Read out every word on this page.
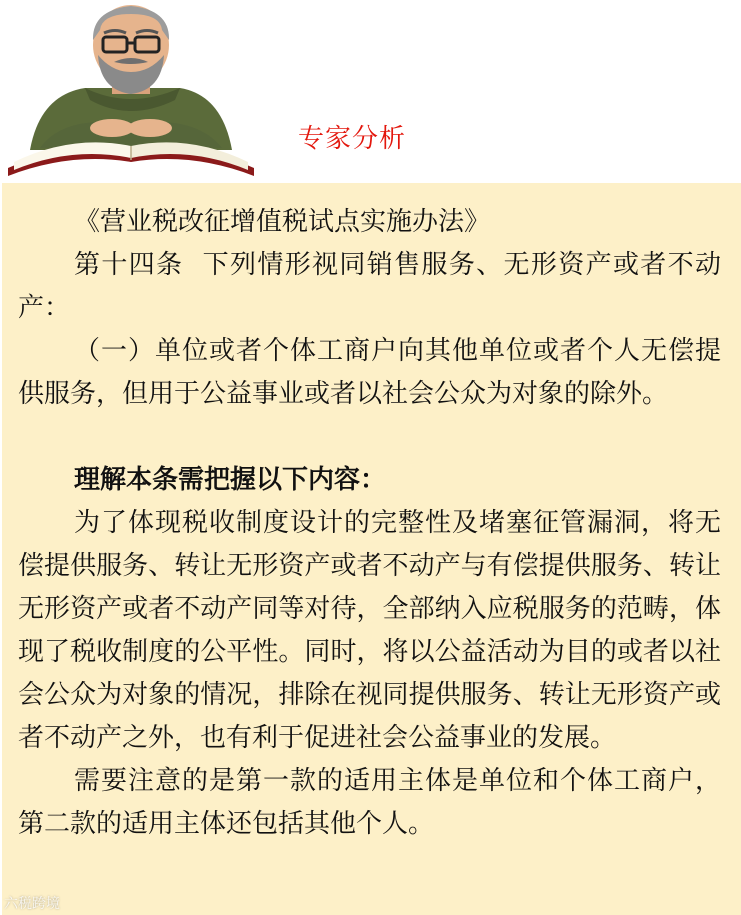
专家分析

《营业税改征增值税试点实施办法》

第十四条  下列情形视同销售服务、无形资产或者不动产：

（一）单位或者个体工商户向其他单位或者个人无偿提供服务，但用于公益事业或者以社会公众为对象的除外。

理解本条需把握以下内容：

为了体现税收制度设计的完整性及堵塞征管漏洞，将无偿提供服务、转让无形资产或者不动产与有偿提供服务、转让无形资产或者不动产同等对待，全部纳入应税服务的范畴，体现了税收制度的公平性。同时，将以公益活动为目的或者以社会公众为对象的情况，排除在视同提供服务、转让无形资产或者不动产之外，也有利于促进社会公益事业的发展。

需要注意的是第一款的适用主体是单位和个体工商户，第二款的适用主体还包括其他个人。

六税跨境
